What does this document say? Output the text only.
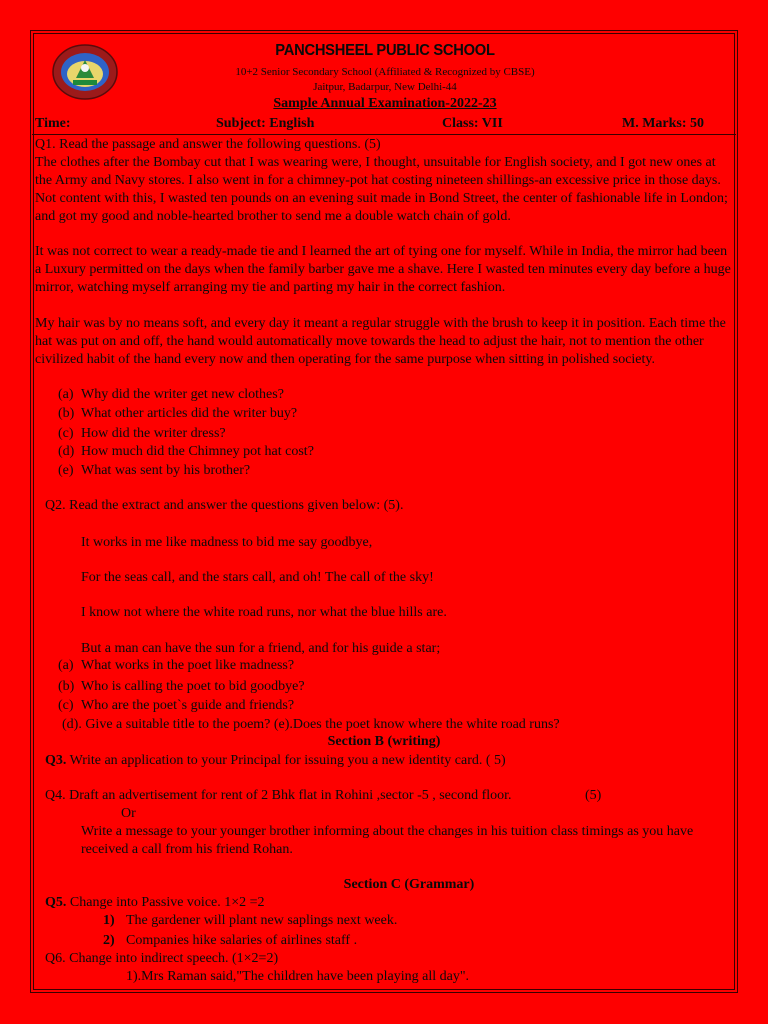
PANCHSHEEL PUBLIC SCHOOL
10+2 Senior Secondary School (Affiliated & Recognized by CBSE)
Jaitpur, Badarpur, New Delhi-44
Sample Annual Examination-2022-23
Time:	Subject: English	Class: VII	M. Marks: 50
Q1. Read the passage and answer the following questions. (5)
The clothes after the Bombay cut that I was wearing were, I thought, unsuitable for English society, and I got new ones at the Army and Navy stores. I also went in for a chimney-pot hat costing nineteen shillings-an excessive price in those days. Not content with this, I wasted ten pounds on an evening suit made in Bond Street, the center of fashionable life in London; and got my good and noble-hearted brother to send me a double watch chain of gold.
It was not correct to wear a ready-made tie and I learned the art of tying one for myself. While in India, the mirror had been a Luxury permitted on the days when the family barber gave me a shave. Here I wasted ten minutes every day before a huge mirror, watching myself arranging my tie and parting my hair in the correct fashion.
My hair was by no means soft, and every day it meant a regular struggle with the brush to keep it in position. Each time the hat was put on and off, the hand would automatically move towards the head to adjust the hair, not to mention the other civilized habit of the hand every now and then operating for the same purpose when sitting in polished society.
(a) Why did the writer get new clothes?
(b) What other articles did the writer buy?
(c) How did the writer dress?
(d) How much did the Chimney pot hat cost?
(e) What was sent by his brother?
Q2. Read the extract and answer the questions given below: (5).
It works in me like madness to bid me say goodbye,
For the seas call, and the stars call, and oh! The call of the sky!
I know not where the white road runs, nor what the blue hills are.
But a man can have the sun for a friend, and for his guide a star;
(a) What works in the poet like madness?
(b) Who is calling the poet to bid goodbye?
(c) Who are the poet`s guide and friends?
(d). Give a suitable title to the poem? (e).Does the poet know where the white road runs?
Section B (writing)
Q3. Write an application to your Principal for issuing you a new identity card. ( 5)
Q4. Draft an advertisement for rent of 2 Bhk flat in Rohini ,sector -5 , second floor.	(5)
Or
Write a message to your younger brother informing about the changes in his tuition class timings as you have received a call from his friend Rohan.
Section C (Grammar)
Q5. Change into Passive voice. 1×2 =2
1) The gardener will plant new saplings next week.
2) Companies hike salaries of airlines staff .
Q6. Change into indirect speech. (1×2=2)
1).Mrs Raman said,"The children have been playing all day".
